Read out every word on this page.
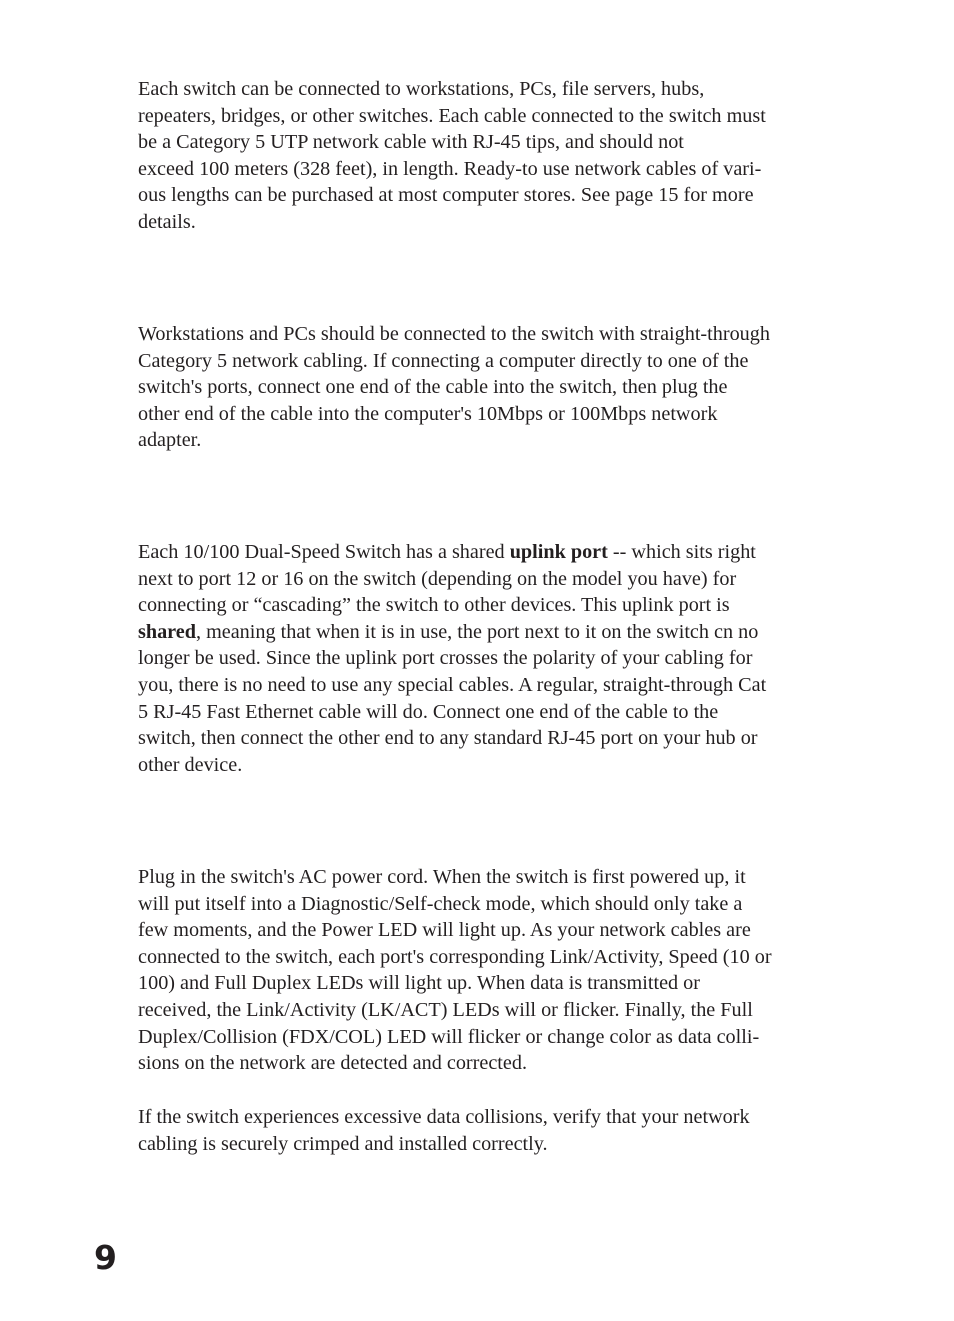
Each switch can be connected to workstations, PCs, file servers, hubs,
repeaters, bridges, or other switches. Each cable connected to the switch must
be a Category 5 UTP network cable with RJ-45 tips, and should not
exceed 100 meters (328 feet), in length. Ready-to use network cables of vari-
ous lengths can be purchased at most computer stores. See page 15 for more
details.
Workstations and PCs should be connected to the switch with straight-through
Category 5 network cabling. If connecting a computer directly to one of the
switch's ports, connect one end of the cable into the switch, then plug the
other end of the cable into the computer's 10Mbps or 100Mbps network
adapter.
Each 10/100 Dual-Speed Switch has a shared uplink port -- which sits right
next to port 12 or 16 on the switch (depending on the model you have) for
connecting or “cascading” the switch to other devices. This uplink port is
shared, meaning that when it is in use, the port next to it on the switch cn no
longer be used. Since the uplink port crosses the polarity of your cabling for
you, there is no need to use any special cables. A regular, straight-through Cat
5 RJ-45 Fast Ethernet cable will do. Connect one end of the cable to the
switch, then connect the other end to any standard RJ-45 port on your hub or
other device.
Plug in the switch's AC power cord. When the switch is first powered up, it
will put itself into a Diagnostic/Self-check mode, which should only take a
few moments, and the Power LED will light up. As your network cables are
connected to the switch, each port's corresponding Link/Activity, Speed (10 or
100) and Full Duplex LEDs will light up. When data is transmitted or
received, the Link/Activity (LK/ACT) LEDs will or flicker. Finally, the Full
Duplex/Collision (FDX/COL) LED will flicker or change color as data colli-
sions on the network are detected and corrected.
If the switch experiences excessive data collisions, verify that your network
cabling is securely crimped and installed correctly.
9
